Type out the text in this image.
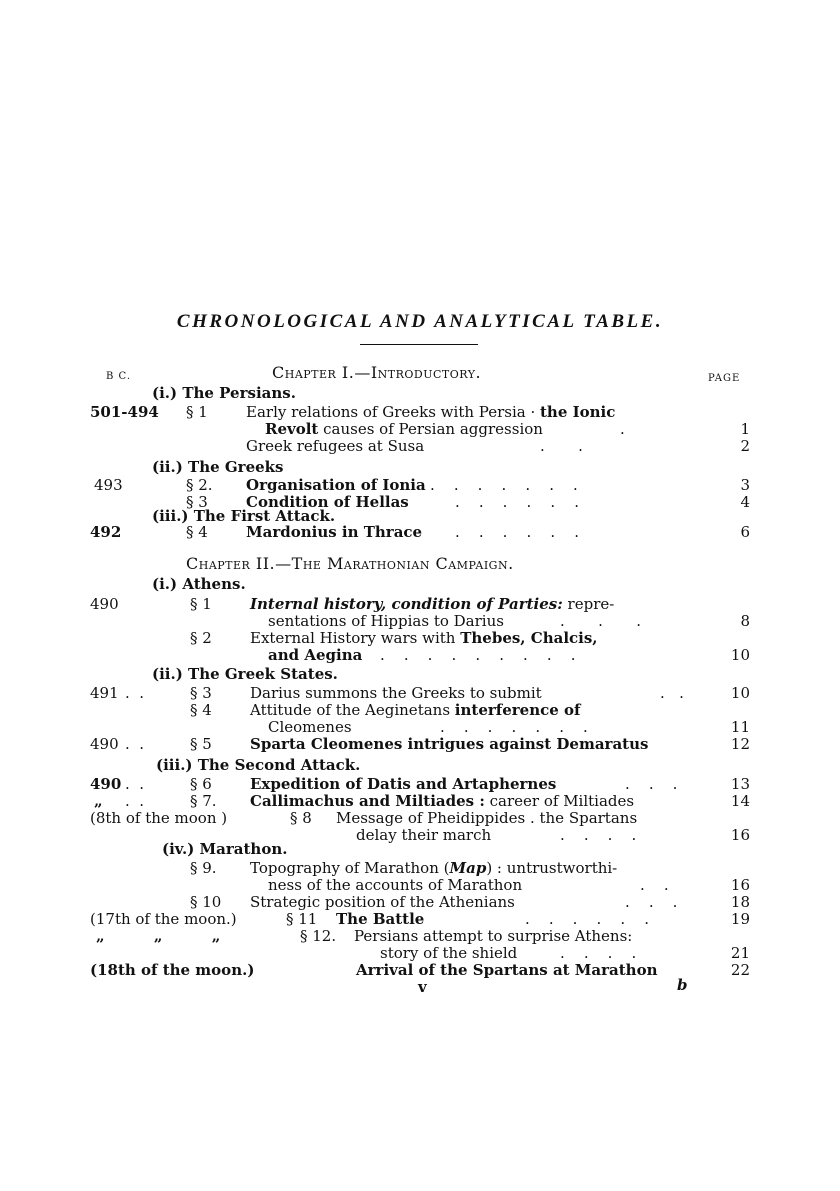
CHRONOLOGICAL AND ANALYTICAL TABLE.
B C.	PAGE
Chapter I.—Introductory.
(i.) The Persians.
501-494 § 1	Early relations of Greeks with Persia · the Ionic
Revolt causes of Persian aggression	.	1
Greek refugees at Susa	.       .	2
(ii.) The Greeks
493	§ 2. Organisation of Ionia .    .    .    .    .    .    .	3
§ 3	Condition of Hellas	.    .    .    .    .    .	4
(iii.) The First Attack.
492	§ 4	Mardonius in Thrace .    .    .    .    .    .	6
Chapter II.—The Marathonian Campaign.
(i.) Athens.
490	§ 1	Internal history, condition of Parties: repre-
sentations of Hippias to Darius	.       .       .	8
§ 2	External History wars with Thebes, Chalcis,
and Aegina .    .    .    .    .    .    .    .    .	10
(ii.) The Greek States.
491 .  .	§ 3	Darius summons the Greeks to submit	.   .	10
§ 4	Attitude of the Aeginetans interference of
Cleomenes	.    .    .    .    .    .    .	11
490 .  .	§ 5	Sparta Cleomenes intrigues against Demaratus	12
(iii.) The Second Attack.
490 .  .	§ 6	Expedition of Datis and Artaphernes	.    .    .	13
„ .  .	§ 7. Callimachus and Miltiades : career of Miltiades	14
(8th of the moon )	§ 8 Message of Pheidippides . the Spartans
delay their march	.    .    .    .	16
(iv.) Marathon.
§ 9. Topography of Marathon (Map) : untrustworthi-
ness of the accounts of Marathon	.    .	16
§ 10 Strategic position of the Athenians	.    .    .	18
(17th of the moon.)	§ 11 The Battle	.    .    .    .    .    .	19
„ „ „	§ 12. Persians attempt to surprise Athens:
story of the shield	.    .    .    .	21
(18th of the moon.)	Arrival of the Spartans at Marathon	22
v	b
